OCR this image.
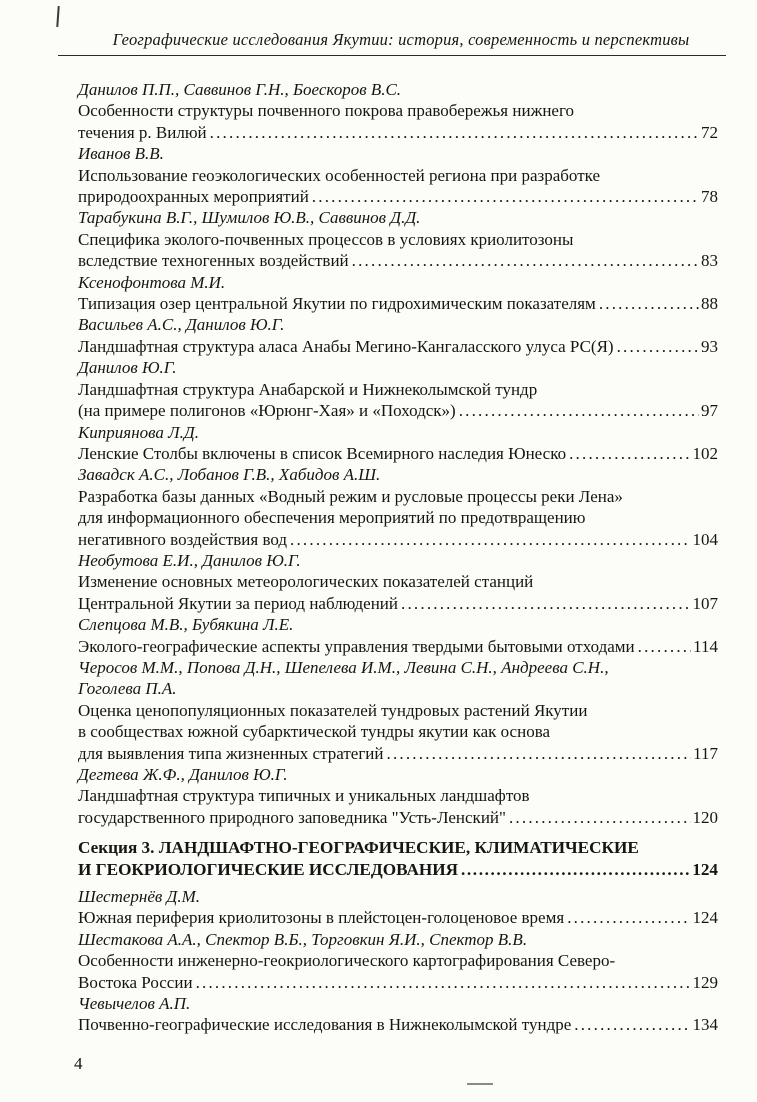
Географические исследования Якутии: история, современность и перспективы
Данилов П.П., Саввинов Г.Н., Боескоров В.С.
Особенности структуры почвенного покрова правобережья нижнего
течения р. Вилюй .....	72
Иванов В.В.
Использование геоэкологических особенностей региона при разработке
природоохранных мероприятий .....	78
Тарабукина В.Г., Шумилов Ю.В., Саввинов Д.Д.
Специфика эколого-почвенных процессов в условиях криолитозоны
вследствие техногенных воздействий .....	83
Ксенофонтова М.И.
Типизация озер центральной Якутии по гидрохимическим показателям .....	88
Васильев А.С., Данилов Ю.Г.
Ландшафтная структура аласа Анабы Мегино-Кангаласского улуса РС(Я) .....	93
Данилов Ю.Г.
Ландшафтная структура Анабарской и Нижнеколымской тундр
(на примере полигонов «Юрюнг-Хая» и «Походск») .....	97
Киприянова Л.Д.
Ленские Столбы включены в список Всемирного наследия Юнеско .....	102
Завадск А.С., Лобанов Г.В., Хабидов А.Ш.
Разработка базы данных «Водный режим и русловые процессы реки Лена»
для информационного обеспечения мероприятий по предотвращению
негативного воздействия вод .....	104
Необутова Е.И., Данилов Ю.Г.
Изменение основных метеорологических показателей станций
Центральной Якутии за период наблюдений .....	107
Слепцова М.В., Бубякина Л.Е.
Эколого-географические аспекты управления твердыми бытовыми отходами .....	114
Черосов М.М., Попова Д.Н., Шепелева И.М., Левина С.Н., Андреева С.Н.,
Гоголева П.А.
Оценка ценопопуляционных показателей тундровых растений Якутии
в сообществах южной субарктической тундры якутии как основа
для выявления типа жизненных стратегий .....	117
Дегтева Ж.Ф., Данилов Ю.Г.
Ландшафтная структура типичных и уникальных ландшафтов
государственного природного заповедника "Усть-Ленский" .....	120
Секция 3. ЛАНДШАФТНО-ГЕОГРАФИЧЕСКИЕ, КЛИМАТИЧЕСКИЕ
И ГЕОКРИОЛОГИЧЕСКИЕ ИССЛЕДОВАНИЯ .....	124
Шестернёв Д.М.
Южная периферия криолитозоны в плейстоцен-голоценовое время .....	124
Шестакова А.А., Спектор В.Б., Торговкин Я.И., Спектор В.В.
Особенности инженерно-геокриологического картографирования Северо-
Востока России .....	129
Чевычелов А.П.
Почвенно-географические исследования в Нижнеколымской тундре .....	134
4
